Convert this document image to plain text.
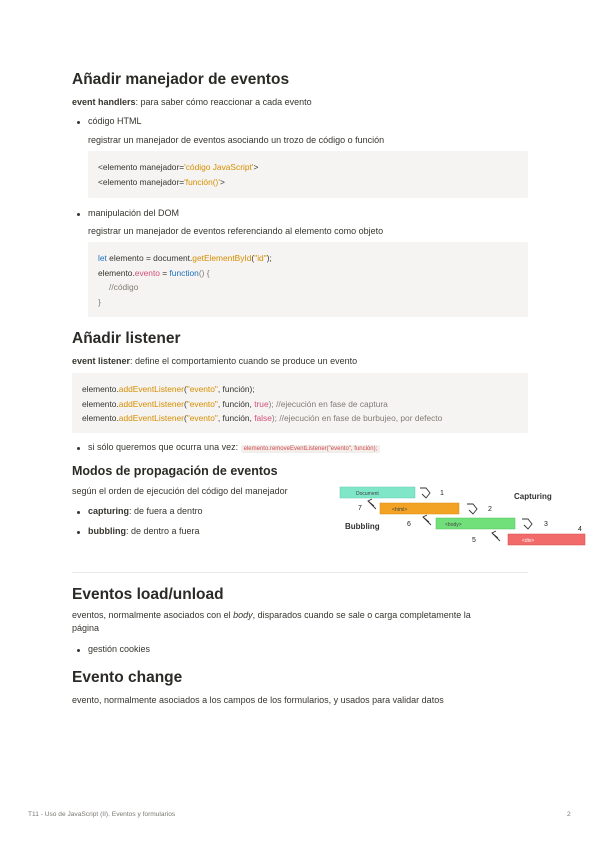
Añadir manejador de eventos
event handlers: para saber cómo reaccionar a cada evento
código HTML
registrar un manejador de eventos asociando un trozo de código o función
<elemento manejador='código JavaScript'>
<elemento manejador='función()'>
manipulación del DOM
registrar un manejador de eventos referenciando al elemento como objeto
let elemento = document.getElementById("id");
elemento.evento = function() {
//código
}
Añadir listener
event listener: define el comportamiento cuando se produce un evento
elemento.addEventListener("evento", función);
elemento.addEventListener("evento", función, true); //ejecución en fase de captura
elemento.addEventListener("evento", función, false); //ejecución en fase de burbujeo, por defecto
si sólo queremos que ocurra una vez: elemento.removeEventListener("evento", función);
Modos de propagación de eventos
según el orden de ejecución del código del manejador
capturing: de fuera a dentro
bubbling: de dentro a fuera
Document
<html>
<body>
<div>
Capturing
Bubbling
1
2
3
4
5
6
7
Eventos load/unload
eventos, normalmente asociados con el body, disparados cuando se sale o carga completamente la
página
gestión cookies
Evento change
evento, normalmente asociados a los campos de los formularios, y usados para validar datos
T11 - Uso de JavaScript (II). Eventos y formularios	2
